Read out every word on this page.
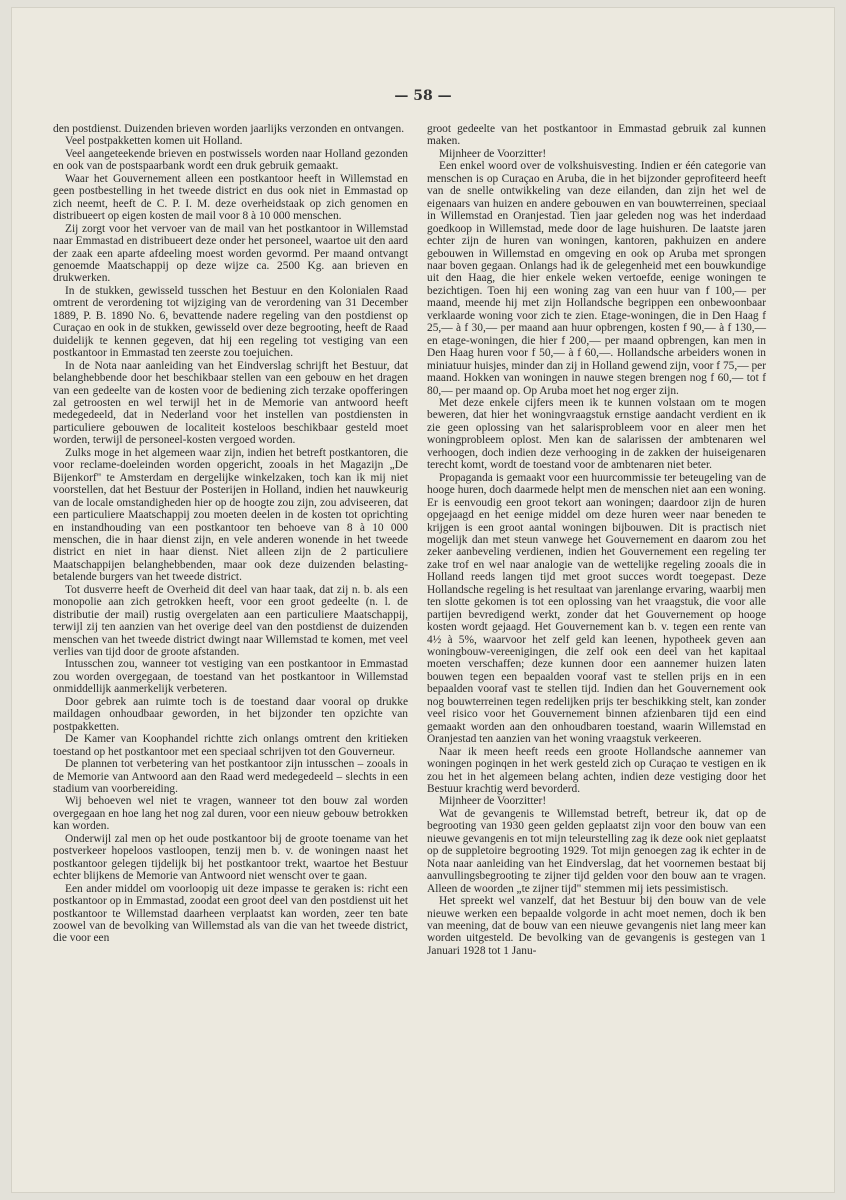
— 58 —

den postdienst. Duizenden brieven worden jaarlijks verzonden en ontvangen.

Veel postpakketten komen uit Holland.

Veel aangeteekende brieven en postwissels worden naar Holland gezonden en ook van de postspaarbank wordt een druk gebruik gemaakt.

Waar het Gouvernement alleen een postkantoor heeft in Willemstad en geen postbestelling in het tweede district en dus ook niet in Emmastad op zich neemt, heeft de C. P. I. M. deze overheidstaak op zich genomen en distribueert op eigen kosten de mail voor 8 à 10 000 menschen.

Zij zorgt voor het vervoer van de mail van het postkantoor in Willemstad naar Emmastad en distribueert deze onder het personeel, waartoe uit den aard der zaak een aparte afdeeling moest worden gevormd. Per maand ontvangt genoemde Maatschappij op deze wijze ca. 2500 Kg. aan brieven en drukwerken.

In de stukken, gewisseld tusschen het Bestuur en den Kolonialen Raad omtrent de verordening tot wijziging van de verordening van 31 December 1889, P. B. 1890 No. 6, bevattende nadere regeling van den postdienst op Curaçao en ook in de stukken, gewisseld over deze begrooting, heeft de Raad duidelijk te kennen gegeven, dat hij een regeling tot vestiging van een postkantoor in Emmastad ten zeerste zou toejuichen.

In de Nota naar aanleiding van het Eindverslag schrijft het Bestuur, dat belanghebbende door het beschikbaar stellen van een gebouw en het dragen van een gedeelte van de kosten voor de bediening zich terzake opofferingen zal getroosten en wel terwijl het in de Memorie van antwoord heeft medegedeeld, dat in Nederland voor het instellen van postdiensten in particuliere gebouwen de localiteit kosteloos beschikbaar gesteld moet worden, terwijl de personeel-kosten vergoed worden.

Zulks moge in het algemeen waar zijn, indien het betreft postkantoren, die voor reclame-doeleinden worden opgericht, zooals in het Magazijn „De Bijenkorf" te Amsterdam en dergelijke winkelzaken, toch kan ik mij niet voorstellen, dat het Bestuur der Posterijen in Holland, indien het nauwkeurig van de locale omstandigheden hier op de hoogte zou zijn, zou adviseeren, dat een particuliere Maatschappij zou moeten deelen in de kosten tot oprichting en instandhouding van een postkantoor ten behoeve van 8 à 10 000 menschen, die in haar dienst zijn, en vele anderen wonende in het tweede district en niet in haar dienst. Niet alleen zijn de 2 particuliere Maatschappijen belanghebbenden, maar ook deze duizenden belasting-betalende burgers van het tweede district.

Tot dusverre heeft de Overheid dit deel van haar taak, dat zij n. b. als een monopolie aan zich getrokken heeft, voor een groot gedeelte (n. l. de distributie der mail) rustig overgelaten aan een particuliere Maatschappij, terwijl zij ten aanzien van het overige deel van den postdienst de duizenden menschen van het tweede district dwingt naar Willemstad te komen, met veel verlies van tijd door de groote afstanden.

Intusschen zou, wanneer tot vestiging van een postkantoor in Emmastad zou worden overgegaan, de toestand van het postkantoor in Willemstad onmiddellijk aanmerkelijk verbeteren.

Door gebrek aan ruimte toch is de toestand daar vooral op drukke maildagen onhoudbaar geworden, in het bijzonder ten opzichte van postpakketten.

De Kamer van Koophandel richtte zich onlangs omtrent den kritieken toestand op het postkantoor met een speciaal schrijven tot den Gouverneur.

De plannen tot verbetering van het postkantoor zijn intusschen – zooals in de Memorie van Antwoord aan den Raad werd medegedeeld – slechts in een stadium van voorbereiding.

Wij behoeven wel niet te vragen, wanneer tot den bouw zal worden overgegaan en hoe lang het nog zal duren, voor een nieuw gebouw betrokken kan worden.

Onderwijl zal men op het oude postkantoor bij de groote toename van het postverkeer hopeloos vastloopen, tenzij men b. v. de woningen naast het postkantoor gelegen tijdelijk bij het postkantoor trekt, waartoe het Bestuur echter blijkens de Memorie van Antwoord niet wenscht over te gaan.

Een ander middel om voorloopig uit deze impasse te geraken is: richt een postkantoor op in Emmastad, zoodat een groot deel van den postdienst uit het postkantoor te Willemstad daarheen verplaatst kan worden, zeer ten bate zoowel van de bevolking van Willemstad als van die van het tweede district, die voor een

groot gedeelte van het postkantoor in Emmastad gebruik zal kunnen maken.

Mijnheer de Voorzitter!

Een enkel woord over de volkshuisvesting. Indien er één categorie van menschen is op Curaçao en Aruba, die in het bijzonder geprofiteerd heeft van de snelle ontwikkeling van deze eilanden, dan zijn het wel de eigenaars van huizen en andere gebouwen en van bouwterreinen, speciaal in Willemstad en Oranjestad. Tien jaar geleden nog was het inderdaad goedkoop in Willemstad, mede door de lage huishuren. De laatste jaren echter zijn de huren van woningen, kantoren, pakhuizen en andere gebouwen in Willemstad en omgeving en ook op Aruba met sprongen naar boven gegaan. Onlangs had ik de gelegenheid met een bouwkundige uit den Haag, die hier enkele weken vertoefde, eenige woningen te bezichtigen. Toen hij een woning zag van een huur van f 100,— per maand, meende hij met zijn Hollandsche begrippen een onbewoonbaar verklaarde woning voor zich te zien. Etage-woningen, die in Den Haag f 25,— à f 30,— per maand aan huur opbrengen, kosten f 90,— à f 130,— en etage-woningen, die hier f 200,— per maand opbrengen, kan men in Den Haag huren voor f 50,— à f 60,—. Hollandsche arbeiders wonen in miniatuur huisjes, minder dan zij in Holland gewend zijn, voor f 75,— per maand. Hokken van woningen in nauwe stegen brengen nog f 60,— tot f 80,— per maand op. Op Aruba moet het nog erger zijn.

Met deze enkele cijfers meen ik te kunnen volstaan om te mogen beweren, dat hier het woningvraagstuk ernstige aandacht verdient en ik zie geen oplossing van het salarisprobleem voor en aleer men het woningprobleem oplost. Men kan de salarissen der ambtenaren wel verhoogen, doch indien deze verhooging in de zakken der huiseigenaren terecht komt, wordt de toestand voor de ambtenaren niet beter.

Propaganda is gemaakt voor een huurcommissie ter beteugeling van de hooge huren, doch daarmede helpt men de menschen niet aan een woning. Er is eenvoudig een groot tekort aan woningen; daardoor zijn de huren opgejaagd en het eenige middel om deze huren weer naar beneden te krijgen is een groot aantal woningen bijbouwen. Dit is practisch niet mogelijk dan met steun vanwege het Gouvernement en daarom zou het zeker aanbeveling verdienen, indien het Gouvernement een regeling ter zake trof en wel naar analogie van de wettelijke regeling zooals die in Holland reeds langen tijd met groot succes wordt toegepast. Deze Hollandsche regeling is het resultaat van jarenlange ervaring, waarbij men ten slotte gekomen is tot een oplossing van het vraagstuk, die voor alle partijen bevredigend werkt, zonder dat het Gouvernement op hooge kosten wordt gejaagd. Het Gouvernement kan b. v. tegen een rente van 4½ à 5%, waarvoor het zelf geld kan leenen, hypotheek geven aan woningbouw-vereenigingen, die zelf ook een deel van het kapitaal moeten verschaffen; deze kunnen door een aannemer huizen laten bouwen tegen een bepaalden vooraf vast te stellen prijs en in een bepaalden vooraf vast te stellen tijd. Indien dan het Gouvernement ook nog bouwterreinen tegen redelijken prijs ter beschikking stelt, kan zonder veel risico voor het Gouvernement binnen afzienbaren tijd een eind gemaakt worden aan den onhoudbaren toestand, waarin Willemstad en Oranjestad ten aanzien van het woning vraagstuk verkeeren.

Naar ik meen heeft reeds een groote Hollandsche aannemer van woningen poginqen in het werk gesteld zich op Curaçao te vestigen en ik zou het in het algemeen belang achten, indien deze vestiging door het Bestuur krachtig werd bevorderd.

Mijnheer de Voorzitter!

Wat de gevangenis te Willemstad betreft, betreur ik, dat op de begrooting van 1930 geen gelden geplaatst zijn voor den bouw van een nieuwe gevangenis en tot mijn teleurstelling zag ik deze ook niet geplaatst op de suppletoire begrooting 1929. Tot mijn genoegen zag ik echter in de Nota naar aanleiding van het Eindverslag, dat het voornemen bestaat bij aanvullingsbegrooting te zijner tijd gelden voor den bouw aan te vragen. Alleen de woorden „te zijner tijd" stemmen mij iets pessimistisch.

Het spreekt wel vanzelf, dat het Bestuur bij den bouw van de vele nieuwe werken een bepaalde volgorde in acht moet nemen, doch ik ben van meening, dat de bouw van een nieuwe gevangenis niet lang meer kan worden uitgesteld. De bevolking van de gevangenis is gestegen van 1 Januari 1928 tot 1 Janu-
